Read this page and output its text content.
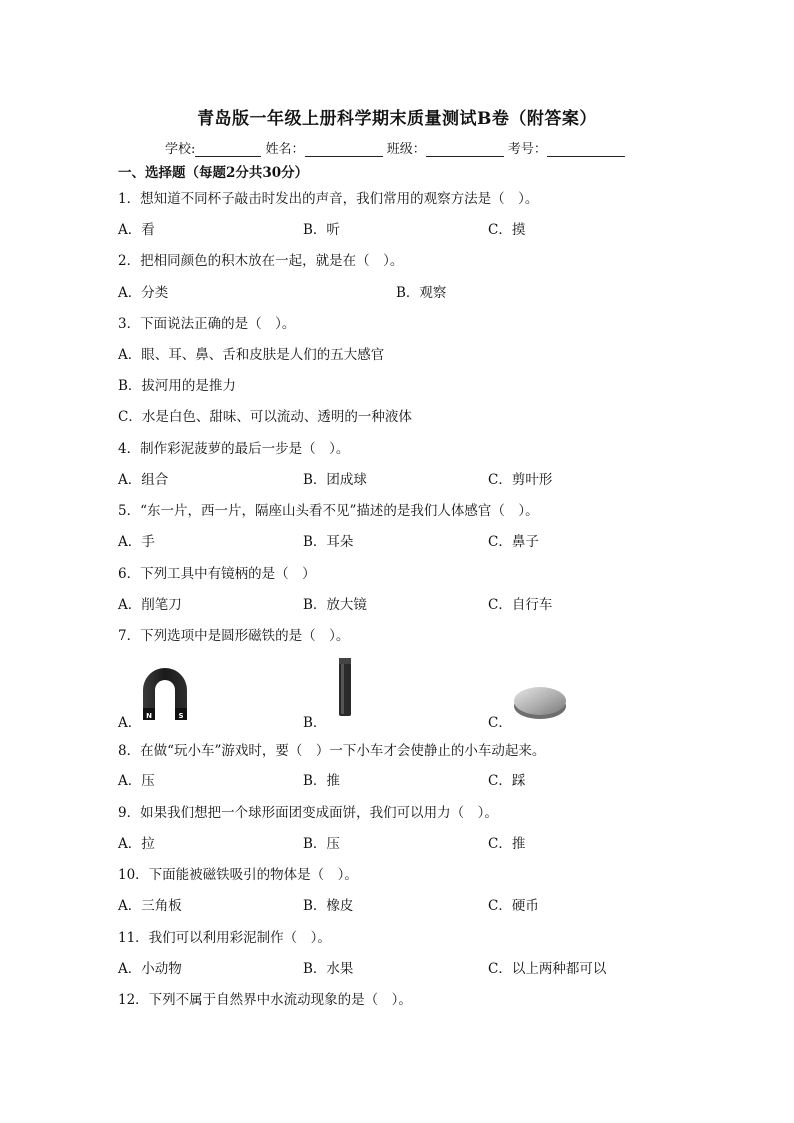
青岛版一年级上册科学期末质量测试B卷（附答案）
学校:	姓名：	班级：	考号：
一、选择题（每题2分共30分）
1．想知道不同杯子敲击时发出的声音，我们常用的观察方法是（　）。
A．看	B．听	C．摸
2．把相同颜色的积木放在一起，就是在（　）。
A．分类	B．观察
3．下面说法正确的是（　）。
A．眼、耳、鼻、舌和皮肤是人们的五大感官
B．拔河用的是推力
C．水是白色、甜味、可以流动、透明的一种液体
4．制作彩泥菠萝的最后一步是（　）。
A．组合	B．团成球	C．剪叶形
5．“东一片，西一片，隔座山头看不见”描述的是我们人体感官（　）。
A．手	B．耳朵	C．鼻子
6．下列工具中有镜柄的是（　）
A．削笔刀	B．放大镜	C．自行车
7．下列选项中是圆形磁铁的是（　）。
N	S
A．	B．	C．
8．在做“玩小车”游戏时，要（　）一下小车才会使静止的小车动起来。
A．压	B．推	C．踩
9．如果我们想把一个球形面团变成面饼，我们可以用力（　）。
A．拉	B．压	C．推
10．下面能被磁铁吸引的物体是（　）。
A．三角板	B．橡皮	C．硬币
11．我们可以利用彩泥制作（　）。
A．小动物	B．水果	C．以上两种都可以
12．下列不属于自然界中水流动现象的是（　）。
